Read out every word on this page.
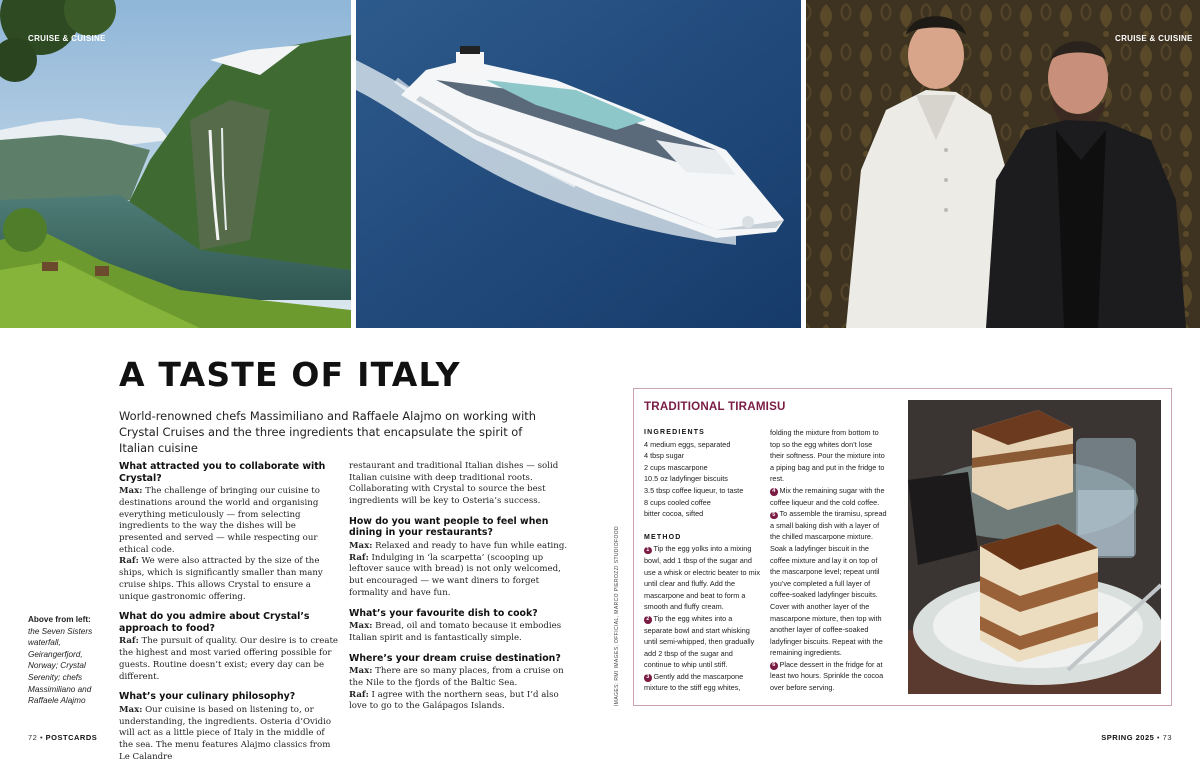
CRUISE & CUISINE	CRUISE & CUISINE
A TASTE OF ITALY

World-renowned chefs Massimiliano and Raffaele Alajmo on working with Crystal Cruises and the three ingredients that encapsulate the spirit of Italian cuisine

What attracted you to collaborate with Crystal?

Max: The challenge of bringing our cuisine to destinations around the world and organising everything meticulously — from selecting ingredients to the way the dishes will be presented and served — while respecting our ethical code.

Raf: We were also attracted by the size of the ships, which is significantly smaller than many cruise ships. This allows Crystal to ensure a unique gastronomic offering.

What do you admire about Crystal’s approach to food?

Raf: The pursuit of quality. Our desire is to create the highest and most varied offering possible for guests. Routine doesn’t exist; every day can be different.

What’s your culinary philosophy?

Max: Our cuisine is based on listening to, or understanding, the ingredients. Osteria d’Ovidio will act as a little piece of Italy in the middle of the sea. The menu features Alajmo classics from Le Calandre

restaurant and traditional Italian dishes — solid Italian cuisine with deep traditional roots. Collaborating with Crystal to source the best ingredients will be key to Osteria’s success.

How do you want people to feel when dining in your restaurants?

Max: Relaxed and ready to have fun while eating.

Raf: Indulging in ‘la scarpetta’ (scooping up leftover sauce with bread) is not only welcomed, but encouraged — we want diners to forget formality and have fun.

What’s your favourite dish to cook?

Max: Bread, oil and tomato because it embodies Italian spirit and is fantastically simple.

Where’s your dream cruise destination?

Max: There are so many places, from a cruise on the Nile to the fjords of the Baltic Sea.

Raf: I agree with the northern seas, but I’d also love to go to the Galápagos Islands.

Above from left: the Seven Sisters waterfall, Geirangerfjord, Norway; Crystal Serenity; chefs Massimiliano and Raffaele Alajmo	IMAGES: RMI IMAGES, OFFICIAL, MARCO PIEROZZI STUDIOFOOD
TRADITIONAL TIRAMISU

INGREDIENTS

4 medium eggs, separated

4 tbsp sugar

2 cups mascarpone

10.5 oz ladyfinger biscuits

3.5 tbsp coffee liqueur, to taste

8 cups cooled coffee

bitter cocoa, sifted

METHOD

1 Tip the egg yolks into a mixing bowl, add 1 tbsp of the sugar and use a whisk or electric beater to mix until clear and fluffy. Add the mascarpone and beat to form a smooth and fluffy cream.

2 Tip the egg whites into a separate bowl and start whisking until semi-whipped, then gradually add 2 tbsp of the sugar and continue to whip until stiff.

3 Gently add the mascarpone mixture to the stiff egg whites,

folding the mixture from bottom to top so the egg whites don’t lose their softness. Pour the mixture into a piping bag and put in the fridge to rest.

4 Mix the remaining sugar with the coffee liqueur and the cold coffee.

5 To assemble the tiramisu, spread a small baking dish with a layer of the chilled mascarpone mixture. Soak a ladyfinger biscuit in the coffee mixture and lay it on top of the mascarpone level; repeat until you’ve completed a full layer of coffee-soaked ladyfinger biscuits. Cover with another layer of the mascarpone mixture, then top with another layer of coffee-soaked ladyfinger biscuits. Repeat with the remaining ingredients.

6 Place dessert in the fridge for at least two hours. Sprinkle the cocoa over before serving.

72 • POSTCARDS	SPRING 2025 • 73
